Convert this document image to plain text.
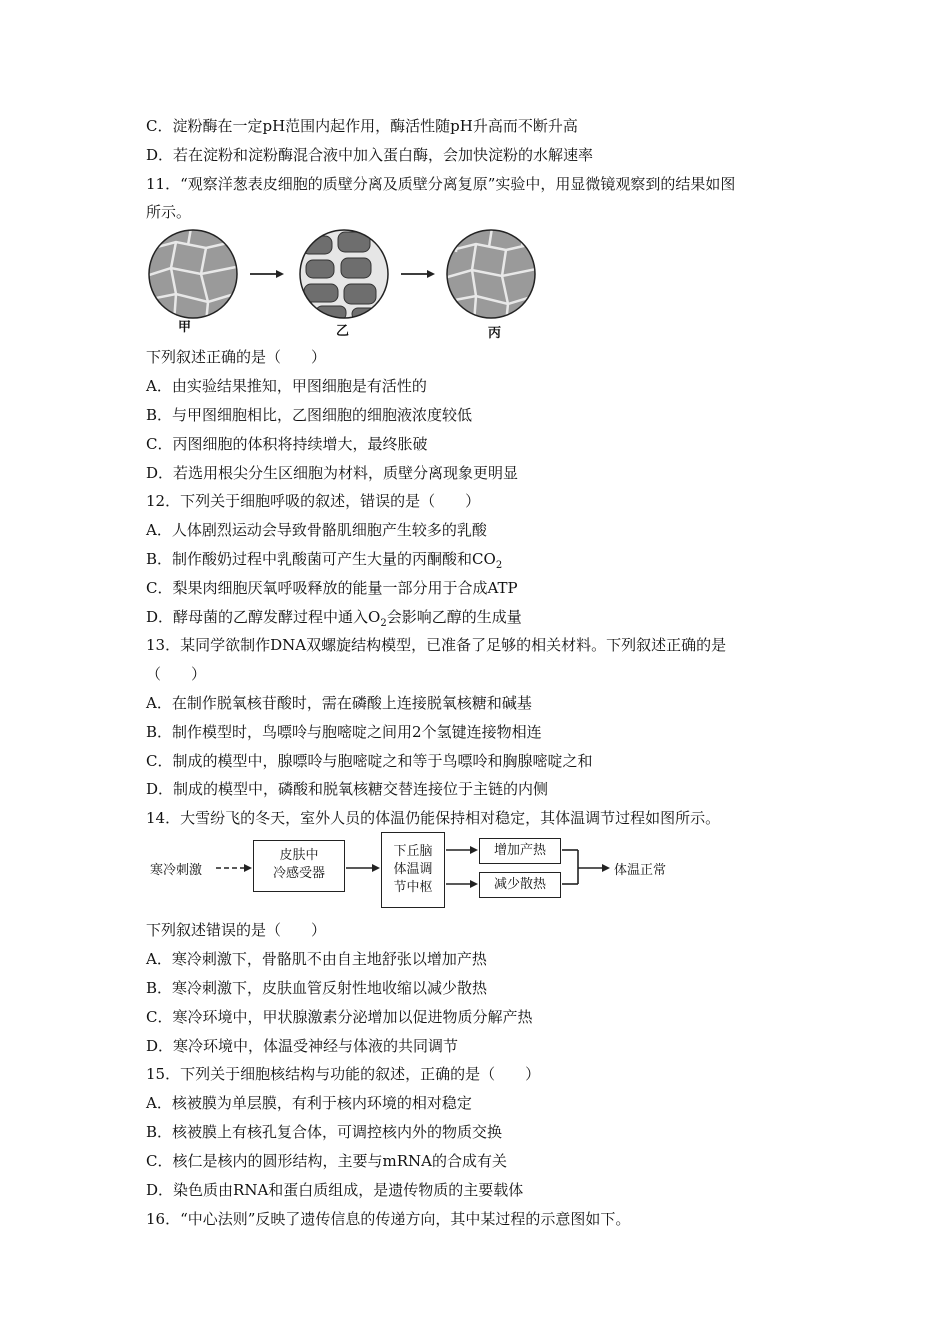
C．淀粉酶在一定pH范围内起作用，酶活性随pH升高而不断升高
D．若在淀粉和淀粉酶混合液中加入蛋白酶，会加快淀粉的水解速率
11．“观察洋葱表皮细胞的质壁分离及质壁分离复原”实验中，用显微镜观察到的结果如图
所示。
甲	乙	丙
下列叙述正确的是（　　）
A．由实验结果推知，甲图细胞是有活性的
B．与甲图细胞相比，乙图细胞的细胞液浓度较低
C．丙图细胞的体积将持续增大，最终胀破
D．若选用根尖分生区细胞为材料，质壁分离现象更明显
12．下列关于细胞呼吸的叙述，错误的是（　　）
A．人体剧烈运动会导致骨骼肌细胞产生较多的乳酸
B．制作酸奶过程中乳酸菌可产生大量的丙酮酸和$CO_2$
C．梨果肉细胞厌氧呼吸释放的能量一部分用于合成ATP
D．酵母菌的乙醇发酵过程中通入$O_2$会影响乙醇的生成量
13．某同学欲制作DNA双螺旋结构模型，已准备了足够的相关材料。下列叙述正确的是
（　　）
A．在制作脱氧核苷酸时，需在磷酸上连接脱氧核糖和碱基
B．制作模型时，鸟嘌呤与胞嘧啶之间用2个氢键连接物相连
C．制成的模型中，腺嘌呤与胞嘧啶之和等于鸟嘌呤和胸腺嘧啶之和
D．制成的模型中，磷酸和脱氧核糖交替连接位于主链的内侧
14．大雪纷飞的冬天，室外人员的体温仍能保持相对稳定，其体温调节过程如图所示。
寒冷刺激
皮肤中
冷感受器
下丘脑
体温调
节中枢
增加产热
减少散热
体温正常
下列叙述错误的是（　　）
A．寒冷刺激下，骨骼肌不由自主地舒张以增加产热
B．寒冷刺激下，皮肤血管反射性地收缩以减少散热
C．寒冷环境中，甲状腺激素分泌增加以促进物质分解产热
D．寒冷环境中，体温受神经与体液的共同调节
15．下列关于细胞核结构与功能的叙述，正确的是（　　）
A．核被膜为单层膜，有利于核内环境的相对稳定
B．核被膜上有核孔复合体，可调控核内外的物质交换
C．核仁是核内的圆形结构，主要与mRNA的合成有关
D．染色质由RNA和蛋白质组成，是遗传物质的主要载体
16．“中心法则”反映了遗传信息的传递方向，其中某过程的示意图如下。
